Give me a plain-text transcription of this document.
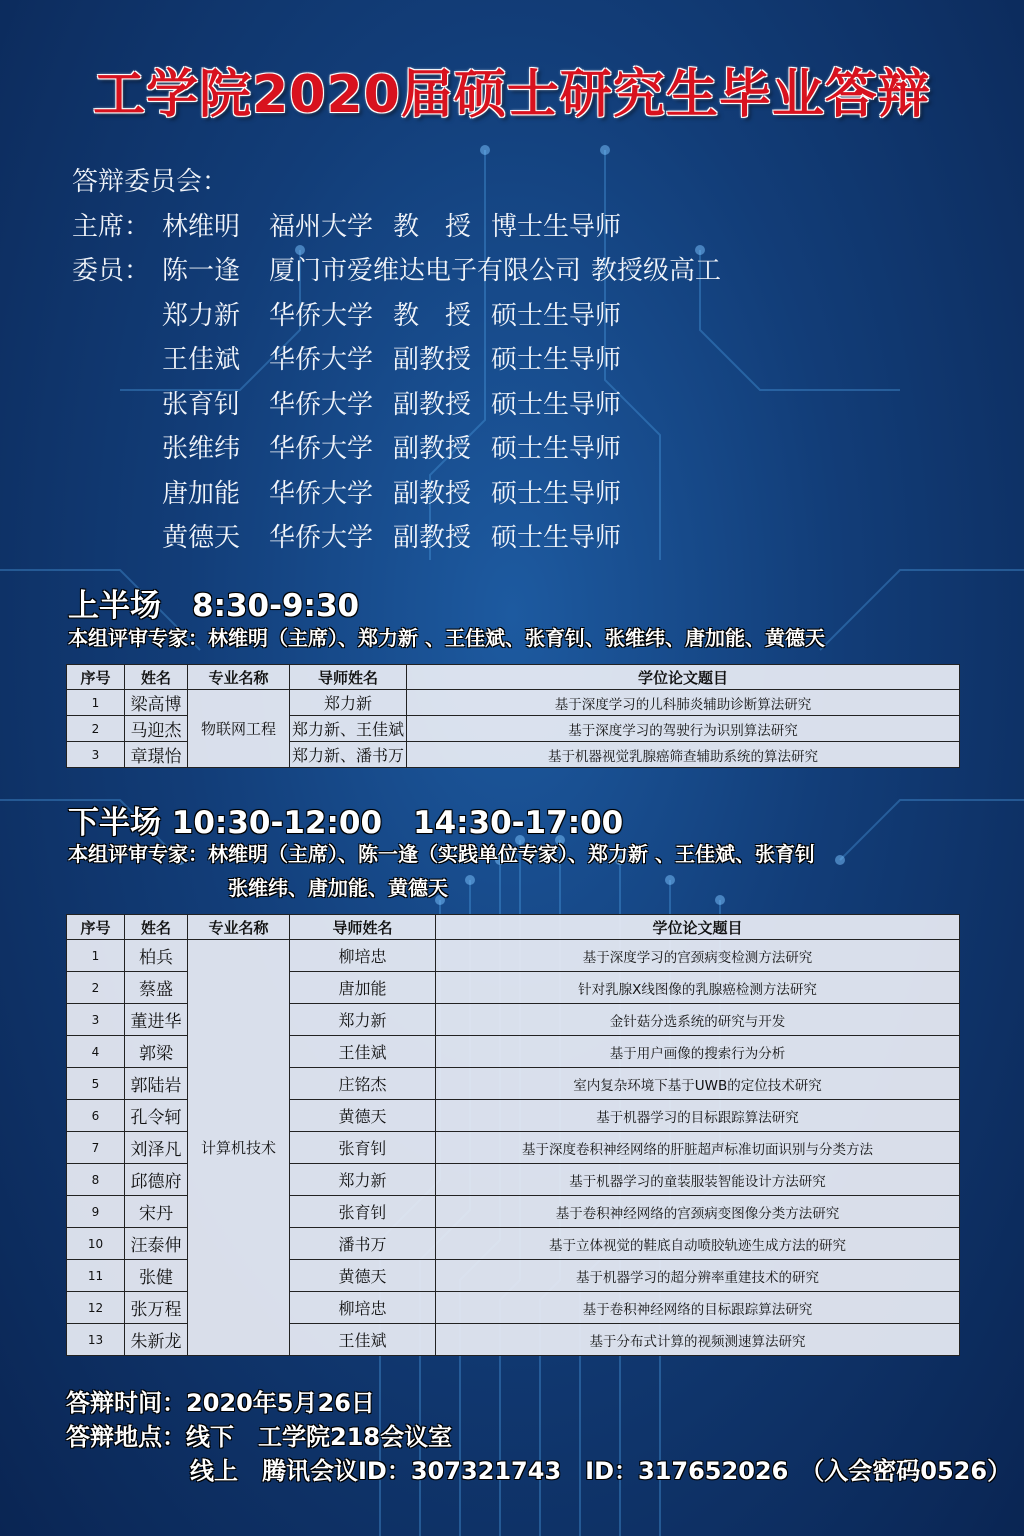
工学院2020届硕士研究生毕业答辩
答辩委员会：
主席： 林维明	福州大学 教　授 博士生导师
委员： 陈一逢	厦门市爱维达电子有限公司 教授级高工
郑力新	华侨大学 教　授 硕士生导师
王佳斌	华侨大学 副教授 硕士生导师
张育钊	华侨大学 副教授 硕士生导师
张维纬	华侨大学 副教授 硕士生导师
唐加能	华侨大学 副教授 硕士生导师
黄德天	华侨大学 副教授 硕士生导师
上半场　8:30-9:30
本组评审专家：林维明（主席）、郑力新 、王佳斌、张育钊、张维纬、唐加能、黄德天
序号	姓名	专业名称	导师姓名	学位论文题目
1	梁高博	物联网工程	郑力新	基于深度学习的儿科肺炎辅助诊断算法研究
2	马迎杰		郑力新、王佳斌	基于深度学习的驾驶行为识别算法研究
3	章璟怡		郑力新、潘书万	基于机器视觉乳腺癌筛查辅助系统的算法研究
下半场 10:30-12:00　14:30-17:00
本组评审专家：林维明（主席）、陈一逢（实践单位专家）、郑力新 、王佳斌、张育钊
张维纬、唐加能、黄德天
序号	姓名	专业名称	导师姓名	学位论文题目
1	柏兵	计算机技术	柳培忠	基于深度学习的宫颈病变检测方法研究
2	蔡盛		唐加能	针对乳腺X线图像的乳腺癌检测方法研究
3	董进华		郑力新	金针菇分选系统的研究与开发
4	郭梁		王佳斌	基于用户画像的搜索行为分析
5	郭陆岩		庄铭杰	室内复杂环境下基于UWB的定位技术研究
6	孔令轲		黄德天	基于机器学习的目标跟踪算法研究
7	刘泽凡		张育钊	基于深度卷积神经网络的肝脏超声标准切面识别与分类方法
8	邱德府		郑力新	基于机器学习的童装服装智能设计方法研究
9	宋丹		张育钊	基于卷积神经网络的宫颈病变图像分类方法研究
10	汪泰伸		潘书万	基于立体视觉的鞋底自动喷胶轨迹生成方法的研究
11	张健		黄德天	基于机器学习的超分辨率重建技术的研究
12	张万程		柳培忠	基于卷积神经网络的目标跟踪算法研究
13	朱新龙		王佳斌	基于分布式计算的视频测速算法研究
答辩时间：2020年5月26日
答辩地点：线下　工学院218会议室
线上　腾讯会议ID：307321743　ID：317652026　（入会密码0526）
